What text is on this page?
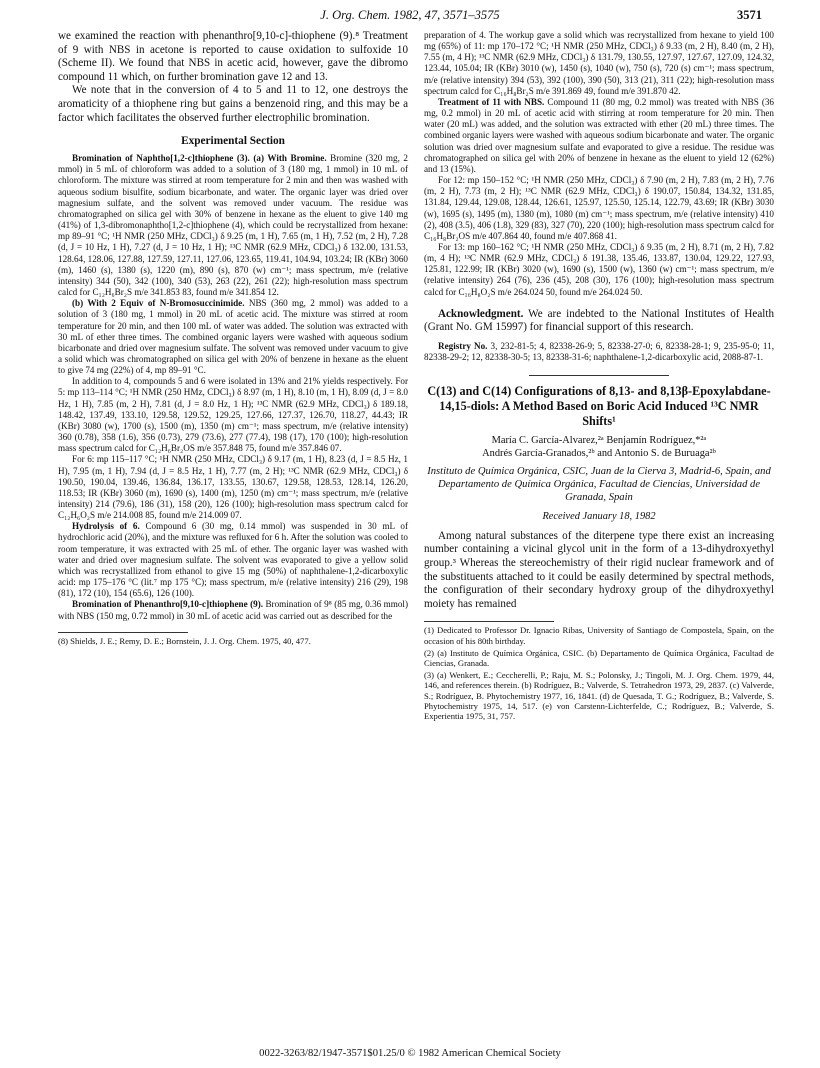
J. Org. Chem. 1982, 47, 3571–3575	3571

we examined the reaction with phenanthro[9,10-c]-thiophene (9).⁸ Treatment of 9 with NBS in acetone is reported to cause oxidation to sulfoxide 10 (Scheme II). We found that NBS in acetic acid, however, gave the dibromo compound 11 which, on further bromination gave 12 and 13.

We note that in the conversion of 4 to 5 and 11 to 12, one destroys the aromaticity of a thiophene ring but gains a benzenoid ring, and this may be a factor which facilitates the observed further electrophilic bromination.

Experimental Section

Bromination of Naphtho[1,2-c]thiophene (3). (a) With Bromine. Bromine (320 mg, 2 mmol) in 5 mL of chloroform was added to a solution of 3 (180 mg, 1 mmol) in 10 mL of chloroform. The mixture was stirred at room temperature for 2 min and then was washed with aqueous sodium bisulfite, sodium bicarbonate, and water. The organic layer was dried over magnesium sulfate, and the solvent was removed under vacuum. The residue was chromatographed on silica gel with 30% of benzene in hexane as the eluent to give 140 mg (41%) of 1,3-dibromonaphtho[1,2-c]thiophene (4), which could be recrystallized from hexane: mp 89–91 °C; ¹H NMR (250 MHz, CDCl₃) δ 9.25 (m, 1 H), 7.65 (m, 1 H), 7.52 (m, 2 H), 7.28 (d, J = 10 Hz, 1 H), 7.27 (d, J = 10 Hz, 1 H); ¹³C NMR (62.9 MHz, CDCl₃) δ 132.00, 131.53, 128.64, 128.06, 127.88, 127.59, 127.11, 127.06, 123.65, 119.41, 104.94, 103.24; IR (KBr) 3060 (m), 1460 (s), 1380 (s), 1220 (m), 890 (s), 870 (w) cm⁻¹; mass spectrum, m/e (relative intensity) 344 (50), 342 (100), 340 (53), 263 (22), 261 (22); high-resolution mass spectrum calcd for C₁₂H₆Br₂S m/e 341.853 83, found m/e 341.854 12.

(b) With 2 Equiv of N-Bromosuccinimide. NBS (360 mg, 2 mmol) was added to a solution of 3 (180 mg, 1 mmol) in 20 mL of acetic acid. The mixture was stirred at room temperature for 20 min, and then 100 mL of water was added. The solution was extracted with 30 mL of ether three times. The combined organic layers were washed with aqueous sodium bicarbonate and dried over magnesium sulfate. The solvent was removed under vacuum to give a solid which was chromatographed on silica gel with 20% of benzene in hexane as the eluent to give 74 mg (22%) of 4, mp 89–91 °C.

In addition to 4, compounds 5 and 6 were isolated in 13% and 21% yields respectively. For 5: mp 113–114 °C; ¹H NMR (250 HMz, CDCl₃) δ 8.97 (m, 1 H), 8.10 (m, 1 H), 8.09 (d, J = 8.0 Hz, 1 H), 7.85 (m, 2 H), 7.81 (d, J = 8.0 Hz, 1 H); ¹³C NMR (62.9 MHz, CDCl₃) δ 189.18, 148.42, 137.49, 133.10, 129.58, 129.52, 129.25, 127.66, 127.37, 126.70, 118.27, 44.43; IR (KBr) 3080 (w), 1700 (s), 1500 (m), 1350 (m) cm⁻¹; mass spectrum, m/e (relative intensity) 360 (0.78), 358 (1.6), 356 (0.73), 279 (73.6), 277 (77.4), 198 (17), 170 (100); high-resolution mass spectrum calcd for C₁₂H₆Br₂OS m/e 357.848 75, found m/e 357.846 07.

For 6: mp 115–117 °C; ¹H NMR (250 MHz, CDCl₃) δ 9.17 (m, 1 H), 8.23 (d, J = 8.5 Hz, 1 H), 7.95 (m, 1 H), 7.94 (d, J = 8.5 Hz, 1 H), 7.77 (m, 2 H); ¹³C NMR (62.9 MHz, CDCl₃) δ 190.50, 190.04, 139.46, 136.84, 136.17, 133.55, 130.67, 129.58, 128.53, 128.14, 126.20, 118.53; IR (KBr) 3060 (m), 1690 (s), 1400 (m), 1250 (m) cm⁻¹; mass spectrum, m/e (relative intensity) 214 (79.6), 186 (31), 158 (20), 126 (100); high-resolution mass spectrum calcd for C₁₂H₆O₂S m/e 214.008 85, found m/e 214.009 07.

Hydrolysis of 6. Compound 6 (30 mg, 0.14 mmol) was suspended in 30 mL of hydrochloric acid (20%), and the mixture was refluxed for 6 h. After the solution was cooled to room temperature, it was extracted with 25 mL of ether. The organic layer was washed with water and dried over magnesium sulfate. The solvent was evaporated to give a yellow solid which was recrystallized from ethanol to give 15 mg (50%) of naphthalene-1,2-dicarboxylic acid: mp 175–176 °C (lit.⁷ mp 175 °C); mass spectrum, m/e (relative intensity) 216 (29), 198 (81), 172 (10), 154 (65.6), 126 (100).

Bromination of Phenanthro[9,10-c]thiophene (9). Bromination of 9⁸ (85 mg, 0.36 mmol) with NBS (150 mg, 0.72 mmol) in 30 mL of acetic acid was carried out as described for the

(8) Shields, J. E.; Remy, D. E.; Bornstein, J. J. Org. Chem. 1975, 40, 477.

preparation of 4. The workup gave a solid which was recrystallized from hexane to yield 100 mg (65%) of 11: mp 170–172 °C; ¹H NMR (250 MHz, CDCl₃) δ 9.33 (m, 2 H), 8.40 (m, 2 H), 7.55 (m, 4 H); ¹³C NMR (62.9 MHz, CDCl₃) δ 131.79, 130.55, 127.97, 127.67, 127.09, 124.32, 123.44, 105.04; IR (KBr) 3010 (w), 1450 (s), 1040 (w), 750 (s), 720 (s) cm⁻¹; mass spectrum, m/e (relative intensity) 394 (53), 392 (100), 390 (50), 313 (21), 311 (22); high-resolution mass spectrum calcd for C₁₆H₈Br₂S m/e 391.869 49, found m/e 391.870 42.

Treatment of 11 with NBS. Compound 11 (80 mg, 0.2 mmol) was treated with NBS (36 mg, 0.2 mmol) in 20 mL of acetic acid with stirring at room temperature for 20 min. Then water (20 mL) was added, and the solution was extracted with ether (20 mL) three times. The combined organic layers were washed with aqueous sodium bicarbonate and water. The organic solution was dried over magnesium sulfate and evaporated to give a residue. The residue was chromatographed on silica gel with 20% of benzene in hexane as the eluent to yield 12 (62%) and 13 (15%).

For 12: mp 150–152 °C; ¹H NMR (250 MHz, CDCl₃) δ 7.90 (m, 2 H), 7.83 (m, 2 H), 7.76 (m, 2 H), 7.73 (m, 2 H); ¹³C NMR (62.9 MHz, CDCl₃) δ 190.07, 150.84, 134.32, 131.85, 131.84, 129.44, 129.08, 128.44, 126.61, 125.97, 125.50, 125.14, 122.79, 43.69; IR (KBr) 3030 (w), 1695 (s), 1495 (m), 1380 (m), 1080 (m) cm⁻¹; mass spectrum, m/e (relative intensity) 410 (2), 408 (3.5), 406 (1.8), 329 (83), 327 (70), 220 (100); high-resolution mass spectrum calcd for C₁₆H₈Br₂OS m/e 407.864 40, found m/e 407.868 41.

For 13: mp 160–162 °C; ¹H NMR (250 MHz, CDCl₃) δ 9.35 (m, 2 H), 8.71 (m, 2 H), 7.82 (m, 4 H); ¹³C NMR (62.9 MHz, CDCl₃) δ 191.38, 135.46, 133.87, 130.04, 129.22, 127.93, 125.81, 122.99; IR (KBr) 3020 (w), 1690 (s), 1500 (w), 1360 (w) cm⁻¹; mass spectrum, m/e (relative intensity) 264 (76), 236 (45), 208 (30), 176 (100); high-resolution mass spectrum calcd for C₁₆H₈O₂S m/e 264.024 50, found m/e 264.024 50.

Acknowledgment. We are indebted to the National Institutes of Health (Grant No. GM 15997) for financial support of this research.

Registry No. 3, 232-81-5; 4, 82338-26-9; 5, 82338-27-0; 6, 82338-28-1; 9, 235-95-0; 11, 82338-29-2; 12, 82338-30-5; 13, 82338-31-6; naphthalene-1,2-dicarboxylic acid, 2088-87-1.

C(13) and C(14) Configurations of 8,13- and 8,13β-Epoxylabdane-14,15-diols: A Method Based on Boric Acid Induced ¹³C NMR Shifts¹
María C. García-Alvarez,²ᵃ Benjamín Rodríguez,*²ᵃ
Andrés García-Granados,²ᵇ and Antonio S. de Buruaga²ᵇ
Instituto de Química Orgánica, CSIC, Juan de la Cierva 3, Madrid-6, Spain, and Departamento de Química Orgánica, Facultad de Ciencias, Universidad de Granada, Spain
Received January 18, 1982

Among natural substances of the diterpene type there exist an increasing number containing a vicinal glycol unit in the form of a 13-dihydroxyethyl group.³ Whereas the stereochemistry of their rigid nuclear framework and of the substituents attached to it could be easily determined by spectral methods, the configuration of their secondary hydroxy group of the dihydroxyethyl moiety has remained

(1) Dedicated to Professor Dr. Ignacio Ribas, University of Santiago de Compostela, Spain, on the occasion of his 80th birthday.

(2) (a) Instituto de Química Orgánica, CSIC. (b) Departamento de Química Orgánica, Facultad de Ciencias, Granada.

(3) (a) Wenkert, E.; Ceccherelli, P.; Raju, M. S.; Polonsky, J.; Tingoli, M. J. Org. Chem. 1979, 44, 146, and references therein. (b) Rodríguez, B.; Valverde, S. Tetrahedron 1973, 29, 2837. (c) Valverde, S.; Rodríguez, B. Phytochemistry 1977, 16, 1841. (d) de Quesada, T. G.; Rodríguez, B.; Valverde, S. Phytochemistry 1975, 14, 517. (e) von Carstenn-Lichterfelde, C.; Rodríguez, B.; Valverde, S. Experientia 1975, 31, 757.

0022-3263/82/1947-3571$01.25/0 © 1982 American Chemical Society
